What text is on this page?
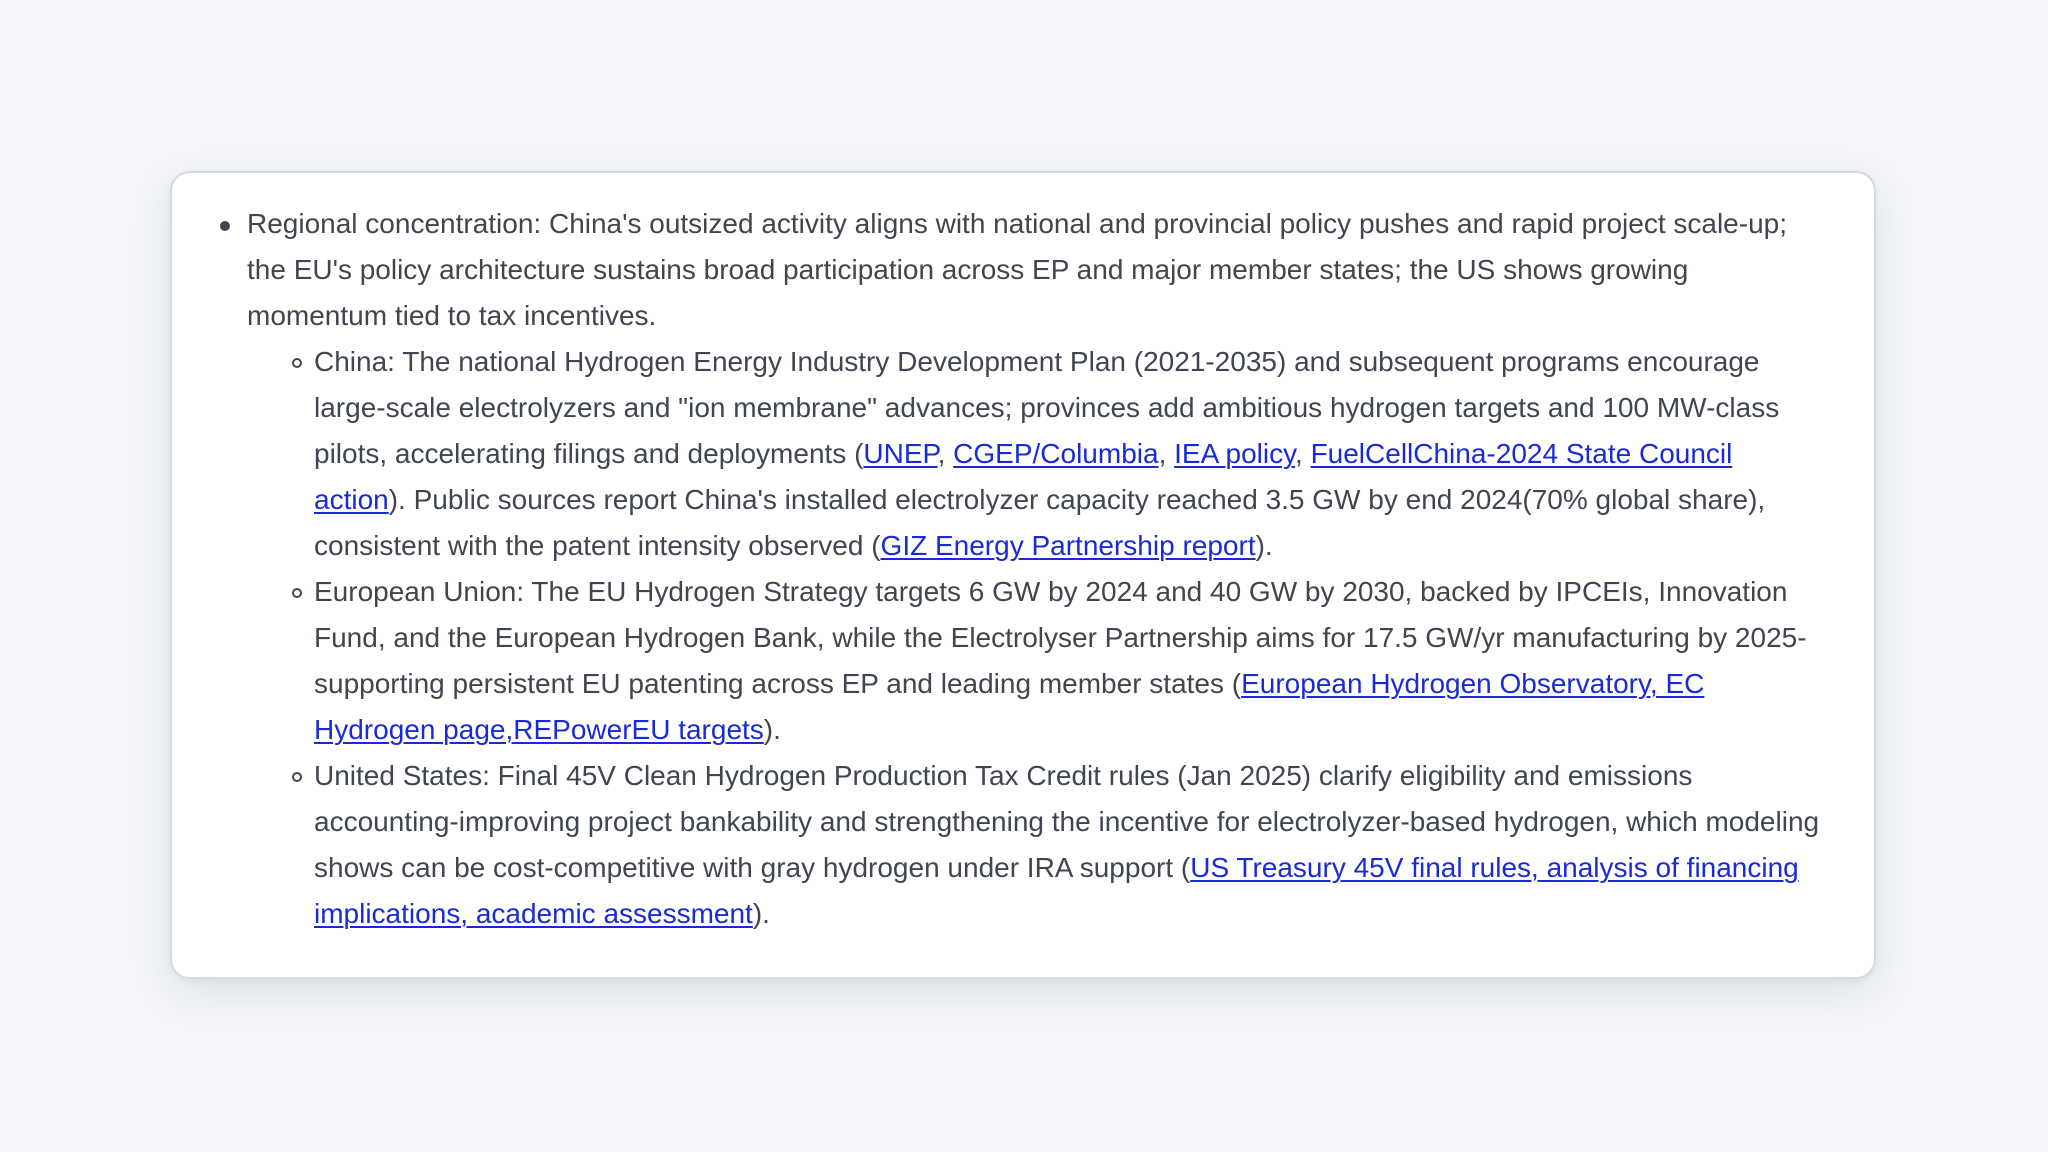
Regional concentration: China's outsized activity aligns with national and provincial policy pushes and rapid project scale-up; the EU's policy architecture sustains broad participation across EP and major member states; the US shows growing momentum tied to tax incentives.

China: The national Hydrogen Energy Industry Development Plan (2021-2035) and subsequent programs encourage large-scale electrolyzers and "ion membrane" advances; provinces add ambitious hydrogen targets and 100 MW-class pilots, accelerating filings and deployments (UNEP, CGEP/Columbia, IEA policy, FuelCellChina-2024 State Council action). Public sources report China's installed electrolyzer capacity reached 3.5 GW by end 2024(70% global share), consistent with the patent intensity observed (GIZ Energy Partnership report).

European Union: The EU Hydrogen Strategy targets 6 GW by 2024 and 40 GW by 2030, backed by IPCEIs, Innovation Fund, and the European Hydrogen Bank, while the Electrolyser Partnership aims for 17.5 GW/yr manufacturing by 2025-supporting persistent EU patenting across EP and leading member states (European Hydrogen Observatory, EC Hydrogen page,REPowerEU targets).

United States: Final 45V Clean Hydrogen Production Tax Credit rules (Jan 2025) clarify eligibility and emissions accounting-improving project bankability and strengthening the incentive for electrolyzer-based hydrogen, which modeling shows can be cost-competitive with gray hydrogen under IRA support (US Treasury 45V final rules, analysis of financing implications, academic assessment).
